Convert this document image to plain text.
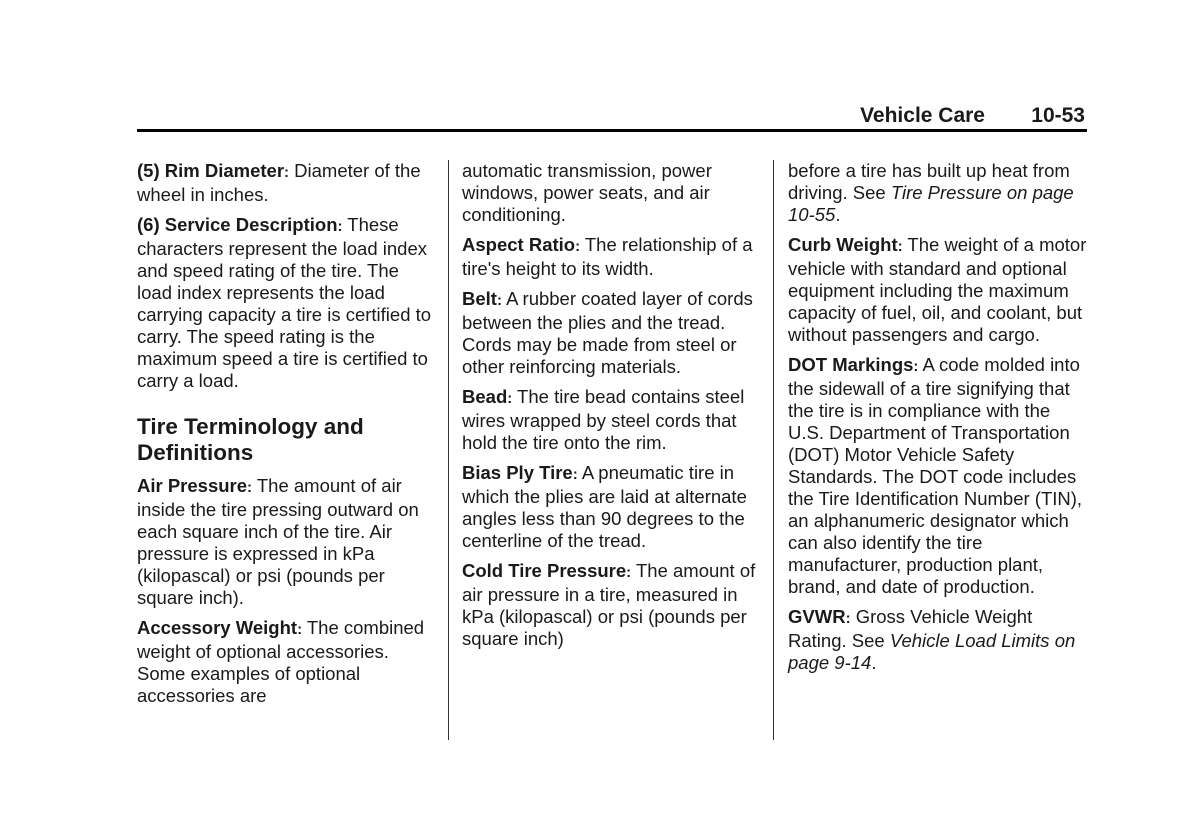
Vehicle Care 10-53

(5) Rim Diameter: Diameter of the wheel in inches.

(6) Service Description: These characters represent the load index and speed rating of the tire. The load index represents the load carrying capacity a tire is certified to carry. The speed rating is the maximum speed a tire is certified to carry a load.

Tire Terminology and Definitions

Air Pressure: The amount of air inside the tire pressing outward on each square inch of the tire. Air pressure is expressed in kPa (kilopascal) or psi (pounds per square inch).

Accessory Weight: The combined weight of optional accessories. Some examples of optional accessories are

automatic transmission, power windows, power seats, and air conditioning.

Aspect Ratio: The relationship of a tire's height to its width.

Belt: A rubber coated layer of cords between the plies and the tread. Cords may be made from steel or other reinforcing materials.

Bead: The tire bead contains steel wires wrapped by steel cords that hold the tire onto the rim.

Bias Ply Tire: A pneumatic tire in which the plies are laid at alternate angles less than 90 degrees to the centerline of the tread.

Cold Tire Pressure: The amount of air pressure in a tire, measured in kPa (kilopascal) or psi (pounds per square inch)

before a tire has built up heat from driving. See Tire Pressure on page 10-55.

Curb Weight: The weight of a motor vehicle with standard and optional equipment including the maximum capacity of fuel, oil, and coolant, but without passengers and cargo.

DOT Markings: A code molded into the sidewall of a tire signifying that the tire is in compliance with the U.S. Department of Transportation (DOT) Motor Vehicle Safety Standards. The DOT code includes the Tire Identification Number (TIN), an alphanumeric designator which can also identify the tire manufacturer, production plant, brand, and date of production.

GVWR: Gross Vehicle Weight Rating. See Vehicle Load Limits on page 9-14.
